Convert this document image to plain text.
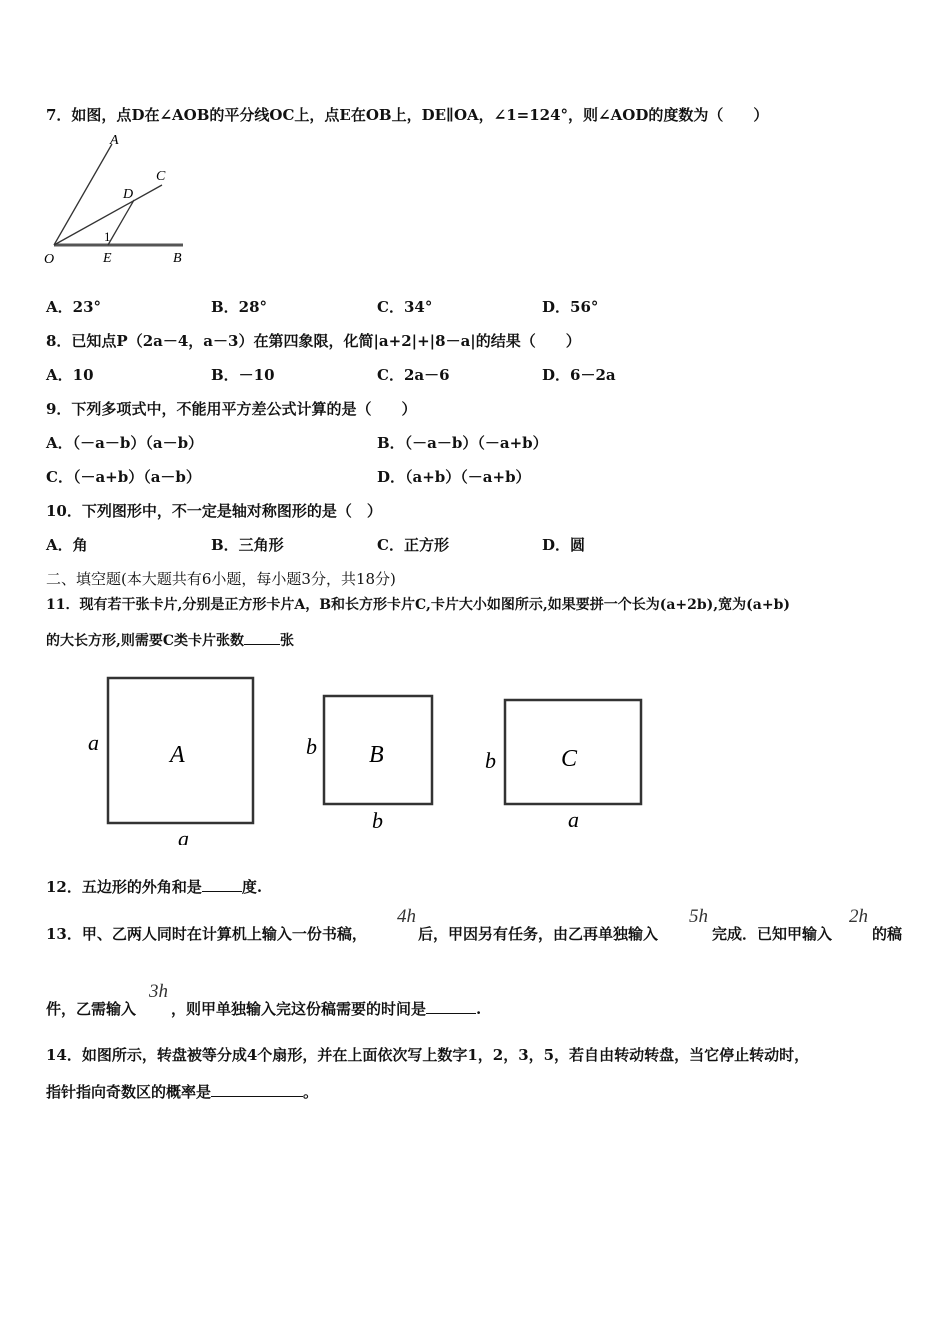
7．如图，点D在∠AOB的平分线OC上，点E在OB上，DE∥OA，∠1=124°，则∠AOD的度数为（　　）
A
C
D
1
O	E	B
A．23°	B．28°	C．34°	D．56°
8．已知点P（2a－4，a－3）在第四象限，化简|a+2|+|8－a|的结果（　　）
A．10	B．－10	C．2a－6	D．6－2a
9．下列多项式中，不能用平方差公式计算的是（　　）
A．（－a－b）（a－b）	B．（－a－b）（－a+b）
C．（－a+b）（a－b）	D．（a+b）（－a+b）
10．下列图形中，不一定是轴对称图形的是（　）
A．角	B．三角形	C．正方形	D．圆
二、填空题(本大题共有6小题，每小题3分，共18分)
11．现有若干张卡片,分别是正方形卡片A，B和长方形卡片C,卡片大小如图所示,如果要拼一个长为(a+2b),宽为(a+b)
的大长方形,则需要C类卡片张数	张
A
a
a
B
b
b
C
b
a
12．五边形的外角和是	度.
13．甲、乙两人同时在计算机上输入一份书稿，
4h
后，甲因另有任务，由乙再单独输入
5h
完成．已知甲输入
2h
的稿
件，乙需输入
3h
，则甲单独输入完这份稿需要的时间是	.
14．如图所示，转盘被等分成4个扇形，并在上面依次写上数字1，2，3，5，若自由转动转盘，当它停止转动时，
指针指向奇数区的概率是	。
